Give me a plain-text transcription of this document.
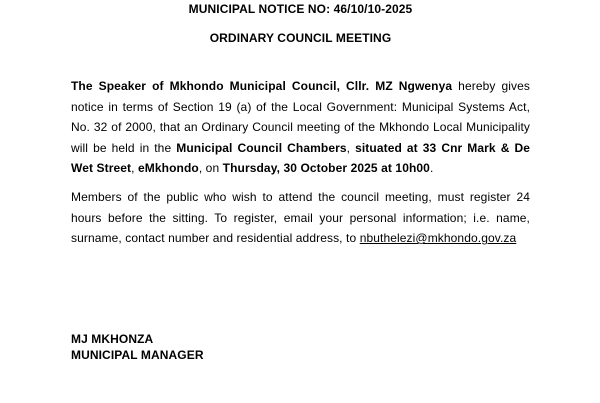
MUNICIPAL NOTICE NO: 46/10/10-2025
ORDINARY COUNCIL MEETING

The Speaker of Mkhondo Municipal Council, Cllr. MZ Ngwenya hereby gives notice in terms of Section 19 (a) of the Local Government: Municipal Systems Act, No. 32 of 2000, that an Ordinary Council meeting of the Mkhondo Local Municipality will be held in the Municipal Council Chambers, situated at 33 Cnr Mark & De Wet Street, eMkhondo, on Thursday, 30 October 2025 at 10h00.

Members of the public who wish to attend the council meeting, must register 24 hours before the sitting. To register, email your personal information; i.e. name, surname, contact number and residential address, to nbuthelezi@mkhondo.gov.za

MJ MKHONZA
MUNICIPAL MANAGER
